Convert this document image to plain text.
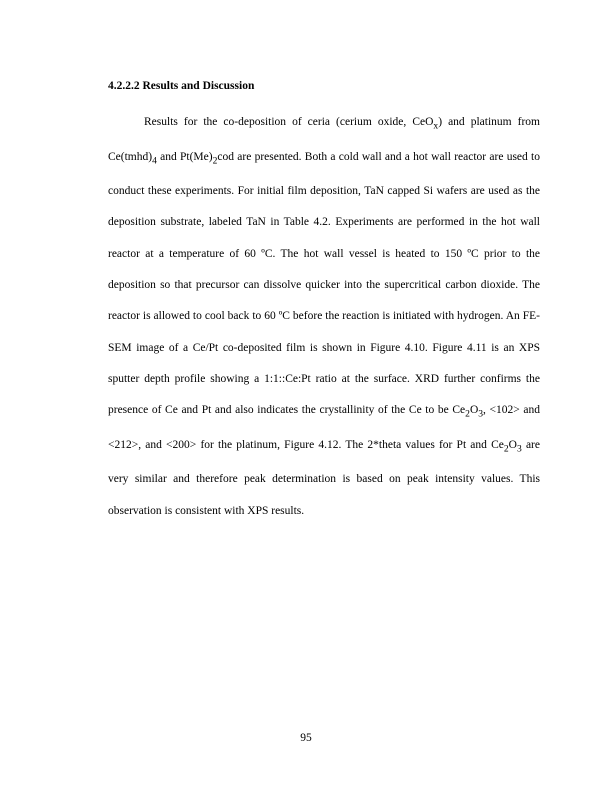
4.2.2.2 Results and Discussion

Results for the co-deposition of ceria (cerium oxide, CeO$_x$) and platinum from $Ce(tmhd)_4$ and $Pt(Me)_2cod$ are presented. Both a cold wall and a hot wall reactor are used to conduct these experiments. For initial film deposition, TaN capped Si wafers are used as the deposition substrate, labeled TaN in Table 4.2. Experiments are performed in the hot wall reactor at a temperature of 60 ºC. The hot wall vessel is heated to 150 ºC prior to the deposition so that precursor can dissolve quicker into the supercritical carbon dioxide. The reactor is allowed to cool back to 60 ºC before the reaction is initiated with hydrogen. An FE-SEM image of a Ce/Pt co-deposited film is shown in Figure 4.10. Figure 4.11 is an XPS sputter depth profile showing a 1:1::Ce:Pt ratio at the surface. XRD further confirms the presence of Ce and Pt and also indicates the crystallinity of the Ce to be $Ce_2O_3$, <102> and <212>, and <200> for the platinum, Figure 4.12. The 2*theta values for Pt and $Ce_2O_3$ are very similar and therefore peak determination is based on peak intensity values. This observation is consistent with XPS results.

95
